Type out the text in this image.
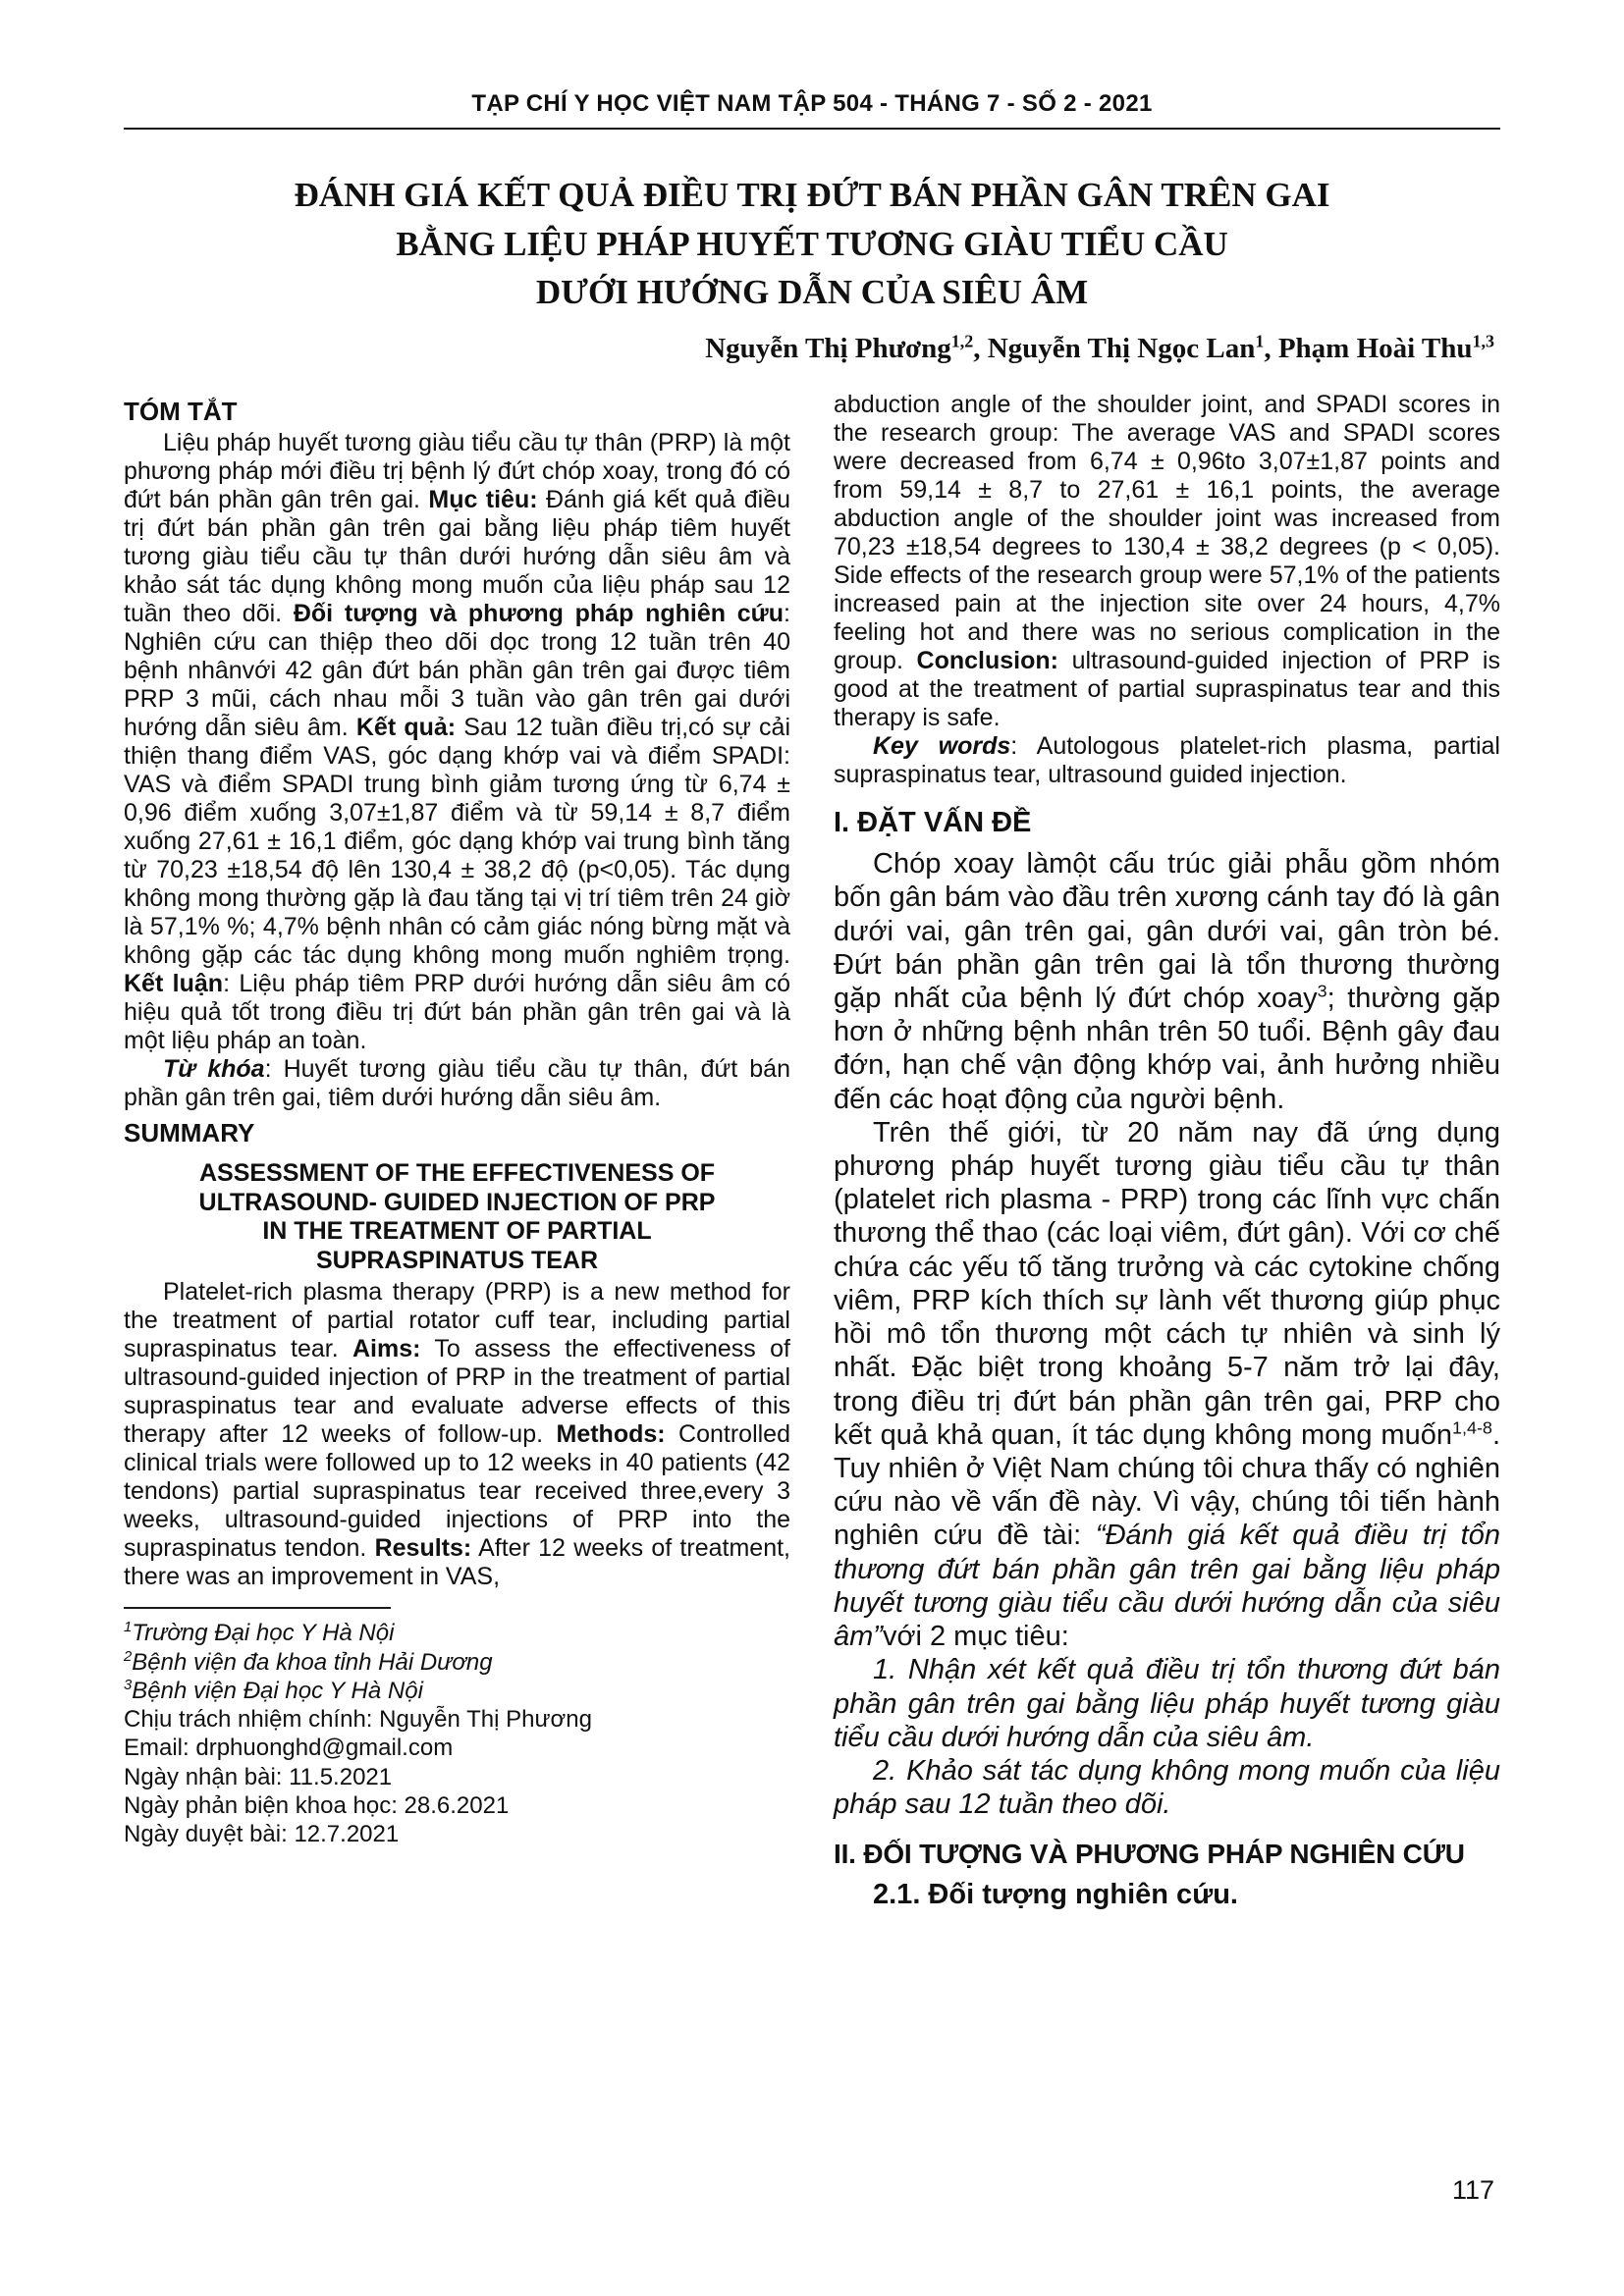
TẠP CHÍ Y HỌC VIỆT NAM TẬP 504 - THÁNG 7 - SỐ 2 - 2021
ĐÁNH GIÁ KẾT QUẢ ĐIỀU TRỊ ĐỨT BÁN PHẦN GÂN TRÊN GAI
BẰNG LIỆU PHÁP HUYẾT TƯƠNG GIÀU TIỂU CẦU
DƯỚI HƯỚNG DẪN CỦA SIÊU ÂM
Nguyễn Thị Phương$^{1,2}$, Nguyễn Thị Ngọc Lan$^1$, Phạm Hoài Thu$^{1,3}$
TÓM TẮT

Liệu pháp huyết tương giàu tiểu cầu tự thân (PRP) là một phương pháp mới điều trị bệnh lý đứt chóp xoay, trong đó có đứt bán phần gân trên gai. Mục tiêu: Đánh giá kết quả điều trị đứt bán phần gân trên gai bằng liệu pháp tiêm huyết tương giàu tiểu cầu tự thân dưới hướng dẫn siêu âm và khảo sát tác dụng không mong muốn của liệu pháp sau 12 tuần theo dõi. Đối tượng và phương pháp nghiên cứu: Nghiên cứu can thiệp theo dõi dọc trong 12 tuần trên 40 bệnh nhânvới 42 gân đứt bán phần gân trên gai được tiêm PRP 3 mũi, cách nhau mỗi 3 tuần vào gân trên gai dưới hướng dẫn siêu âm. Kết quả: Sau 12 tuần điều trị,có sự cải thiện thang điểm VAS, góc dạng khớp vai và điểm SPADI: VAS và điểm SPADI trung bình giảm tương ứng từ 6,74 ± 0,96 điểm xuống 3,07±1,87 điểm và từ 59,14 ± 8,7 điểm xuống 27,61 ± 16,1 điểm, góc dạng khớp vai trung bình tăng từ 70,23 ±18,54 độ lên 130,4 ± 38,2 độ (p<0,05). Tác dụng không mong thường gặp là đau tăng tại vị trí tiêm trên 24 giờ là 57,1% %; 4,7% bệnh nhân có cảm giác nóng bừng mặt và không gặp các tác dụng không mong muốn nghiêm trọng. Kết luận: Liệu pháp tiêm PRP dưới hướng dẫn siêu âm có hiệu quả tốt trong điều trị đứt bán phần gân trên gai và là một liệu pháp an toàn.

Từ khóa: Huyết tương giàu tiểu cầu tự thân, đứt bán phần gân trên gai, tiêm dưới hướng dẫn siêu âm.

SUMMARY
ASSESSMENT OF THE EFFECTIVENESS OF
ULTRASOUND- GUIDED INJECTION OF PRP
IN THE TREATMENT OF PARTIAL
SUPRASPINATUS TEAR

Platelet-rich plasma therapy (PRP) is a new method for the treatment of partial rotator cuff tear, including partial supraspinatus tear. Aims: To assess the effectiveness of ultrasound-guided injection of PRP in the treatment of partial supraspinatus tear and evaluate adverse effects of this therapy after 12 weeks of follow-up. Methods: Controlled clinical trials were followed up to 12 weeks in 40 patients (42 tendons) partial supraspinatus tear received three,every 3 weeks, ultrasound-guided injections of PRP into the supraspinatus tendon. Results: After 12 weeks of treatment, there was an improvement in VAS,

$^1$Trường Đại học Y Hà Nội
$^2$Bệnh viện đa khoa tỉnh Hải Dương
$^3$Bệnh viện Đại học Y Hà Nội
Chịu trách nhiệm chính: Nguyễn Thị Phương
Email: drphuonghd@gmail.com
Ngày nhận bài: 11.5.2021
Ngày phản biện khoa học: 28.6.2021
Ngày duyệt bài: 12.7.2021

abduction angle of the shoulder joint, and SPADI scores in the research group: The average VAS and SPADI scores were decreased from 6,74 ± 0,96to 3,07±1,87 points and from 59,14 ± 8,7 to 27,61 ± 16,1 points, the average abduction angle of the shoulder joint was increased from 70,23 ±18,54 degrees to 130,4 ± 38,2 degrees (p < 0,05). Side effects of the research group were 57,1% of the patients increased pain at the injection site over 24 hours, 4,7% feeling hot and there was no serious complication in the group. Conclusion: ultrasound-guided injection of PRP is good at the treatment of partial supraspinatus tear and this therapy is safe.

Key words: Autologous platelet-rich plasma, partial supraspinatus tear, ultrasound guided injection.

I. ĐẶT VẤN ĐỀ

Chóp xoay làmột cấu trúc giải phẫu gồm nhóm bốn gân bám vào đầu trên xương cánh tay đó là gân dưới vai, gân trên gai, gân dưới vai, gân tròn bé. Đứt bán phần gân trên gai là tổn thương thường gặp nhất của bệnh lý đứt chóp xoay$^3$; thường gặp hơn ở những bệnh nhân trên 50 tuổi. Bệnh gây đau đớn, hạn chế vận động khớp vai, ảnh hưởng nhiều đến các hoạt động của người bệnh.

Trên thế giới, từ 20 năm nay đã ứng dụng phương pháp huyết tương giàu tiểu cầu tự thân (platelet rich plasma - PRP) trong các lĩnh vực chấn thương thể thao (các loại viêm, đứt gân). Với cơ chế chứa các yếu tố tăng trưởng và các cytokine chống viêm, PRP kích thích sự lành vết thương giúp phục hồi mô tổn thương một cách tự nhiên và sinh lý nhất. Đặc biệt trong khoảng 5-7 năm trở lại đây, trong điều trị đứt bán phần gân trên gai, PRP cho kết quả khả quan, ít tác dụng không mong muốn$^{1,4-8}$. Tuy nhiên ở Việt Nam chúng tôi chưa thấy có nghiên cứu nào về vấn đề này. Vì vậy, chúng tôi tiến hành nghiên cứu đề tài: “Đánh giá kết quả điều trị tổn thương đứt bán phần gân trên gai bằng liệu pháp huyết tương giàu tiểu cầu dưới hướng dẫn của siêu âm”với 2 mục tiêu:

1. Nhận xét kết quả điều trị tổn thương đứt bán phần gân trên gai bằng liệu pháp huyết tương giàu tiểu cầu dưới hướng dẫn của siêu âm.

2. Khảo sát tác dụng không mong muốn của liệu pháp sau 12 tuần theo dõi.

II. ĐỐI TƯỢNG VÀ PHƯƠNG PHÁP NGHIÊN CỨU
2.1. Đối tượng nghiên cứu.
117
